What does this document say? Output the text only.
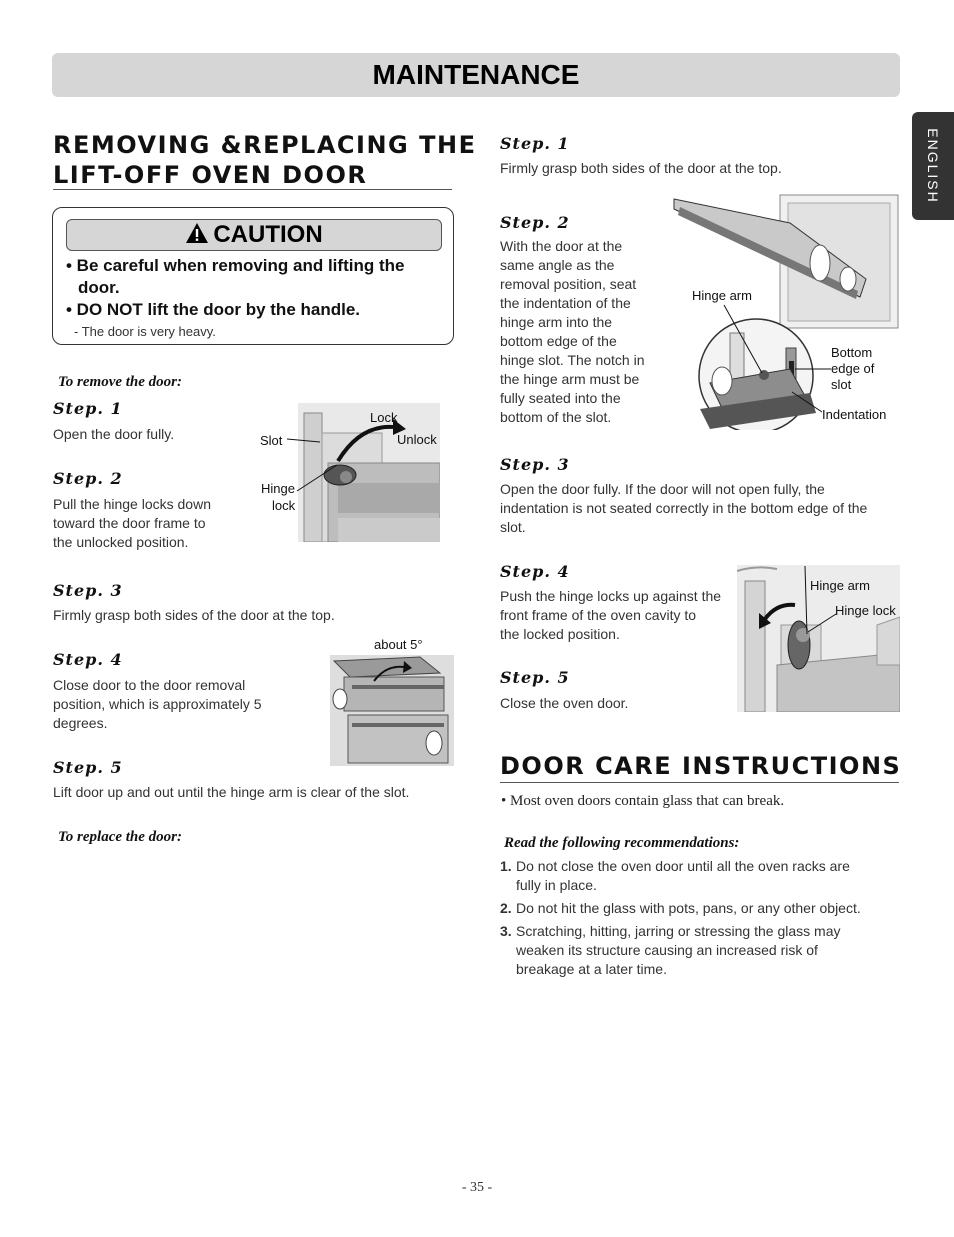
MAINTENANCE
ENGLISH
REMOVING &REPLACING THE
LIFT-OFF OVEN DOOR
CAUTION
• Be careful when removing and lifting the
door.
• DO NOT lift the door by the handle.
- The door is very heavy.
To remove the door:
Step. 1
Open the door fully.
Step. 2
Pull the hinge locks down
toward the door frame to
the unlocked position.
Lock
Slot	Unlock
Hinge
lock
Step. 3
Firmly grasp both sides of the door at the top.
Step. 4
Close door to the door removal
position, which is approximately 5
degrees.
about 5°
Step. 5
Lift door up and out until the hinge arm is clear of the slot.
To replace the door:
Step. 1
Firmly grasp both sides of the door at the top.
Step. 2
With the door at the
same angle as the
removal position, seat
the indentation of the
hinge arm into the
bottom edge of the
hinge slot. The notch in
the hinge arm must be
fully seated into the
bottom of the slot.
Hinge arm
Bottom
edge of
slot
Indentation
Step. 3
Open the door fully. If the door will not open fully, the
indentation is not seated correctly in the bottom edge of the
slot.
Step. 4
Push the hinge locks up against the
front frame of the oven cavity to
the locked position.
Hinge arm
Hinge lock
Step. 5
Close the oven door.
DOOR CARE INSTRUCTIONS
• Most oven doors contain glass that can break.
Read the following recommendations:
1. Do not close the oven door until all the oven racks are
fully in place.
2. Do not hit the glass with pots, pans, or any other object.
3. Scratching, hitting, jarring or stressing the glass may
weaken its structure causing an increased risk of
breakage at a later time.
- 35 -
